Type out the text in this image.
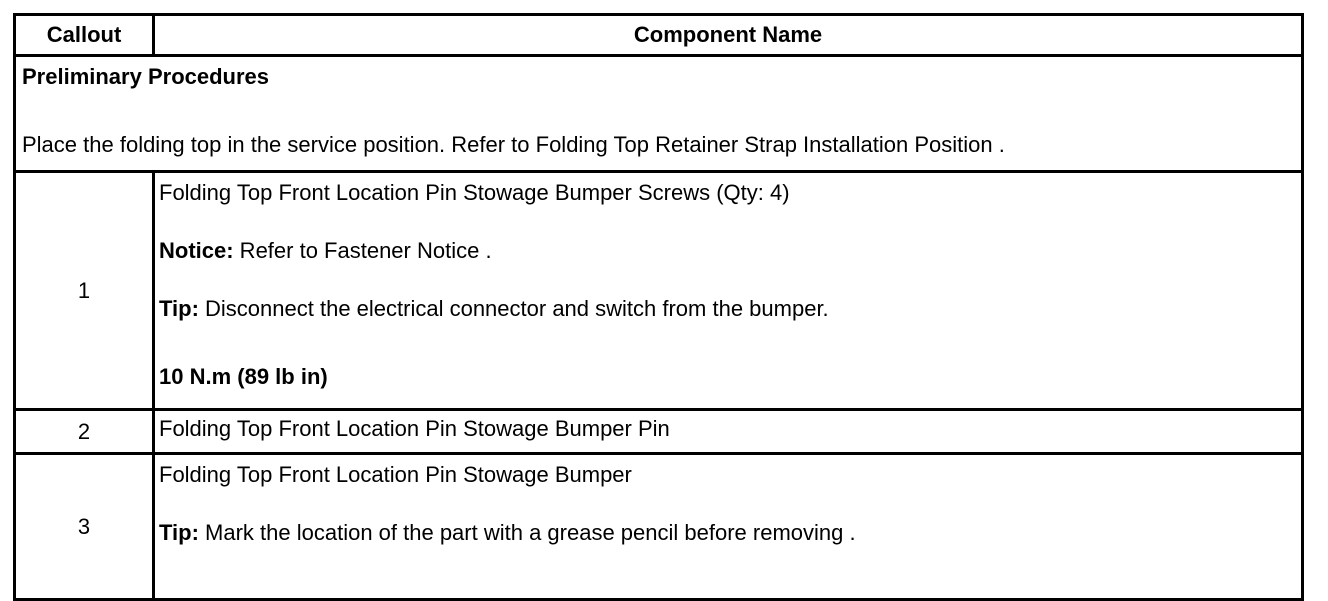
Callout	Component Name

Preliminary Procedures
Place the folding top in the service position. Refer to Folding Top Retainer Strap Installation Position .	

1	Folding Top Front Location Pin Stowage Bumper Screws (Qty: 4)

Notice: Refer to Fastener Notice .

Tip: Disconnect the electrical connector and switch from the bumper.

10 N.m (89 lb in)

2	Folding Top Front Location Pin Stowage Bumper Pin

3	Folding Top Front Location Pin Stowage Bumper

Tip: Mark the location of the part with a grease pencil before removing .
